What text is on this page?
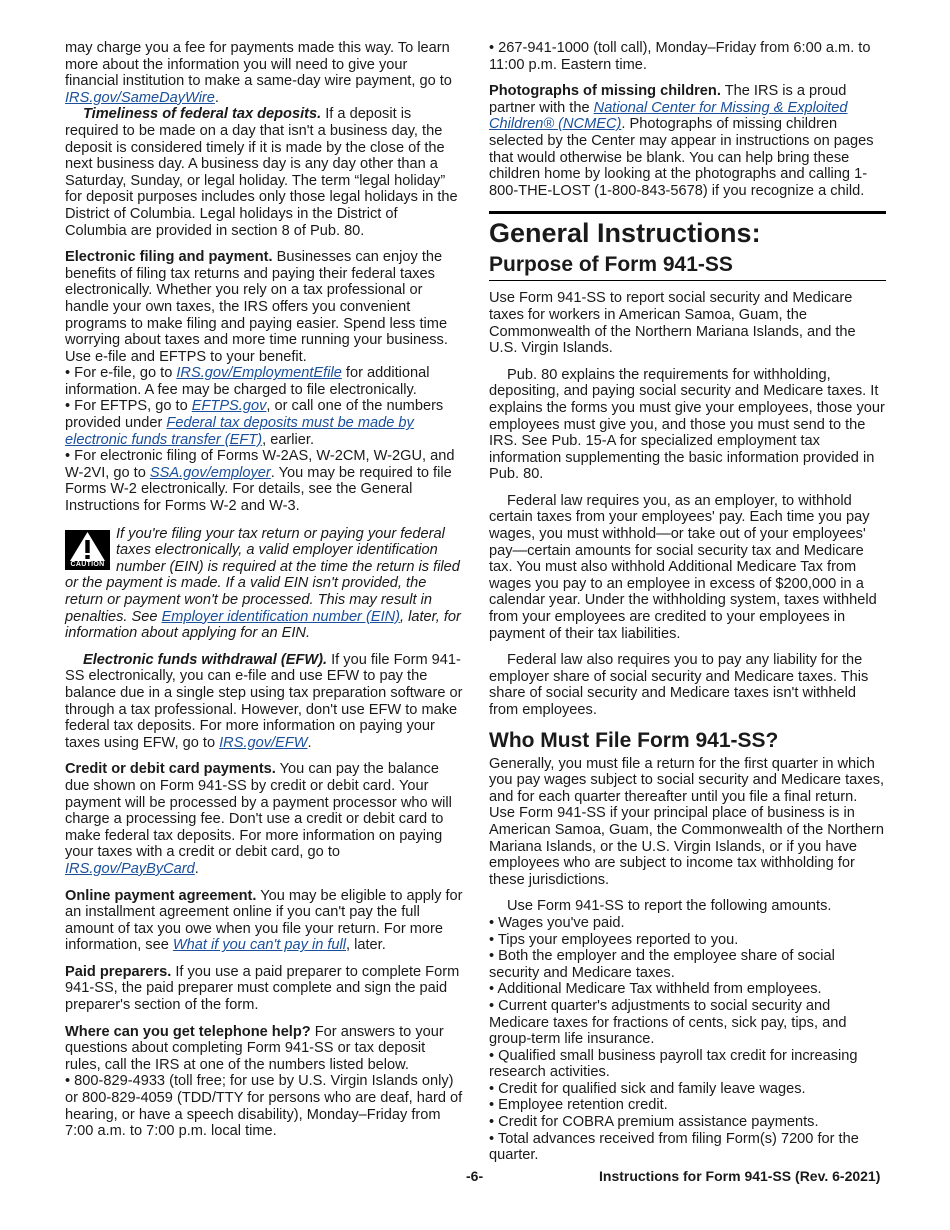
may charge you a fee for payments made this way. To learn more about the information you will need to give your financial institution to make a same-day wire payment, go to IRS.gov/SameDayWire.

Timeliness of federal tax deposits. If a deposit is required to be made on a day that isn't a business day, the deposit is considered timely if it is made by the close of the next business day. A business day is any day other than a Saturday, Sunday, or legal holiday. The term “legal holiday” for deposit purposes includes only those legal holidays in the District of Columbia. Legal holidays in the District of Columbia are provided in section 8 of Pub. 80.

Electronic filing and payment. Businesses can enjoy the benefits of filing tax returns and paying their federal taxes electronically. Whether you rely on a tax professional or handle your own taxes, the IRS offers you convenient programs to make filing and paying easier. Spend less time worrying about taxes and more time running your business. Use e-file and EFTPS to your benefit.

• For e-file, go to IRS.gov/EmploymentEfile for additional information. A fee may be charged to file electronically.

• For EFTPS, go to EFTPS.gov, or call one of the numbers provided under Federal tax deposits must be made by electronic funds transfer (EFT), earlier.

• For electronic filing of Forms W-2AS, W-2CM, W-2GU, and W-2VI, go to SSA.gov/employer. You may be required to file Forms W-2 electronically. For details, see the General Instructions for Forms W-2 and W-3.

CAUTION
If you're filing your tax return or paying your federal taxes electronically, a valid employer identification number (EIN) is required at the time the return is filed or the payment is made. If a valid EIN isn't provided, the return or payment won't be processed. This may result in penalties. See Employer identification number (EIN), later, for information about applying for an EIN.

Electronic funds withdrawal (EFW). If you file Form 941-SS electronically, you can e-file and use EFW to pay the balance due in a single step using tax preparation software or through a tax professional. However, don't use EFW to make federal tax deposits. For more information on paying your taxes using EFW, go to IRS.gov/EFW.

Credit or debit card payments. You can pay the balance due shown on Form 941-SS by credit or debit card. Your payment will be processed by a payment processor who will charge a processing fee. Don't use a credit or debit card to make federal tax deposits. For more information on paying your taxes with a credit or debit card, go to IRS.gov/PayByCard.

Online payment agreement. You may be eligible to apply for an installment agreement online if you can't pay the full amount of tax you owe when you file your return. For more information, see What if you can't pay in full, later.

Paid preparers. If you use a paid preparer to complete Form 941-SS, the paid preparer must complete and sign the paid preparer's section of the form.

Where can you get telephone help? For answers to your questions about completing Form 941-SS or tax deposit rules, call the IRS at one of the numbers listed below.

• 800-829-4933 (toll free; for use by U.S. Virgin Islands only) or 800-829-4059 (TDD/TTY for persons who are deaf, hard of hearing, or have a speech disability), Monday–Friday from 7:00 a.m. to 7:00 p.m. local time.

• 267-941-1000 (toll call), Monday–Friday from 6:00 a.m. to 11:00 p.m. Eastern time.

Photographs of missing children. The IRS is a proud partner with the National Center for Missing & Exploited Children® (NCMEC). Photographs of missing children selected by the Center may appear in instructions on pages that would otherwise be blank. You can help bring these children home by looking at the photographs and calling 1-800-THE-LOST (1-800-843-5678) if you recognize a child.

General Instructions:
Purpose of Form 941-SS

Use Form 941-SS to report social security and Medicare taxes for workers in American Samoa, Guam, the Commonwealth of the Northern Mariana Islands, and the U.S. Virgin Islands.

Pub. 80 explains the requirements for withholding, depositing, and paying social security and Medicare taxes. It explains the forms you must give your employees, those your employees must give you, and those you must send to the IRS. See Pub. 15-A for specialized employment tax information supplementing the basic information provided in Pub. 80.

Federal law requires you, as an employer, to withhold certain taxes from your employees' pay. Each time you pay wages, you must withhold—or take out of your employees' pay—certain amounts for social security tax and Medicare tax. You must also withhold Additional Medicare Tax from wages you pay to an employee in excess of $200,000 in a calendar year. Under the withholding system, taxes withheld from your employees are credited to your employees in payment of their tax liabilities.

Federal law also requires you to pay any liability for the employer share of social security and Medicare taxes. This share of social security and Medicare taxes isn't withheld from employees.

Who Must File Form 941-SS?

Generally, you must file a return for the first quarter in which you pay wages subject to social security and Medicare taxes, and for each quarter thereafter until you file a final return. Use Form 941-SS if your principal place of business is in American Samoa, Guam, the Commonwealth of the Northern Mariana Islands, or the U.S. Virgin Islands, or if you have employees who are subject to income tax withholding for these jurisdictions.

Use Form 941-SS to report the following amounts.

• Wages you've paid.

• Tips your employees reported to you.

• Both the employer and the employee share of social security and Medicare taxes.

• Additional Medicare Tax withheld from employees.

• Current quarter's adjustments to social security and Medicare taxes for fractions of cents, sick pay, tips, and group-term life insurance.

• Qualified small business payroll tax credit for increasing research activities.

• Credit for qualified sick and family leave wages.

• Employee retention credit.

• Credit for COBRA premium assistance payments.

• Total advances received from filing Form(s) 7200 for the quarter.

-6-	Instructions for Form 941-SS (Rev. 6-2021)
